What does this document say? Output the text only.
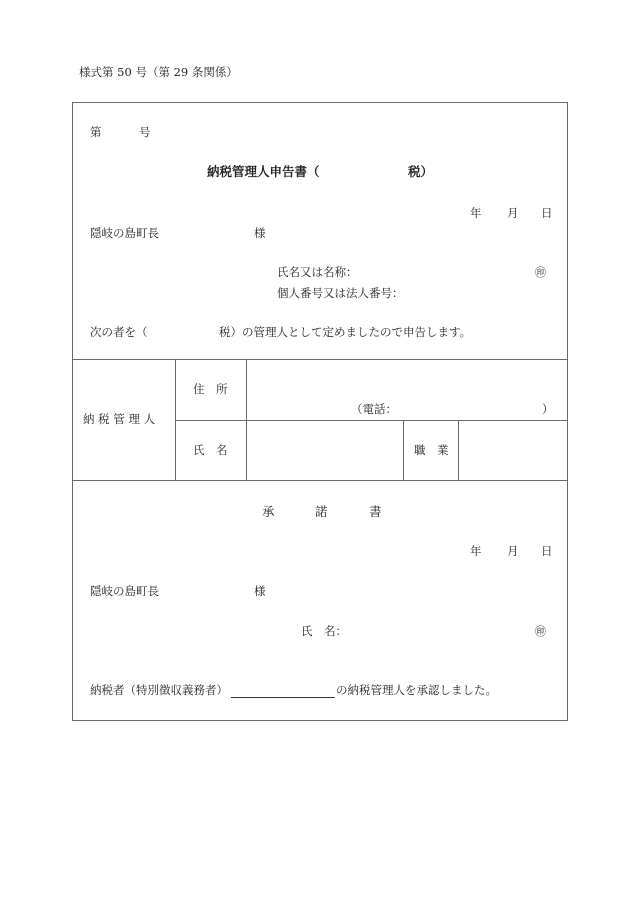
様式第 50 号（第 29 条関係）
第	号
納税管理人申告書（	税）
年 月 日
隠岐の島町長	様
氏名又は名称：	㊞
個人番号又は法人番号：
次の者を（	税）の管理人として定めましたので申告します。
納 税 管 理 人
住　所
（電話：	）
氏　名	職　業
承	諾	書
年 月 日
隠岐の島町長	様
氏　名：	㊞
納税者（特別徴収義務者）	の納税管理人を承認しました。
